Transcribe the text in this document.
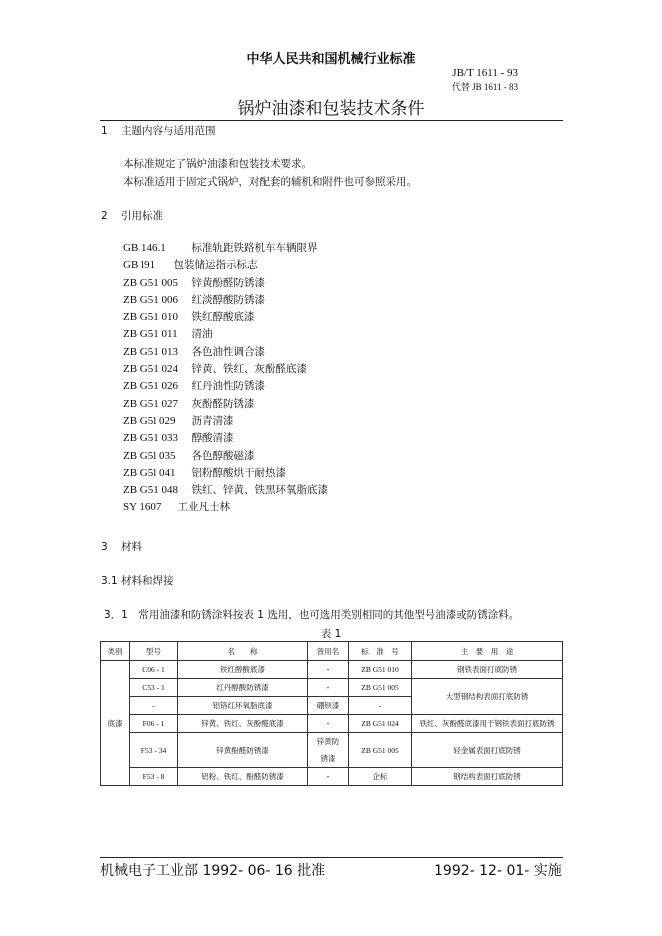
中华人民共和国机械行业标准
JB/T 1611 - 93
代替 JB 1611 - 83
锅炉油漆和包装技术条件
1 主题内容与适用范围
本标准规定了锅炉油漆和包装技术要求。
本标准适用于固定式锅炉，对配套的辅机和附件也可参照采用。
2 引用标准
GB 146.1　 标准轨距铁路机车车辆限界
GB l91　 包装储运指示标志
ZB G51 005　 锌黄酚醛防锈漆
ZB G51 006　 红淡醇酸防锈漆
ZB G51 010　 铁红醇酸底漆
ZB G51 011　 清油
ZB G51 013　 各色油性调合漆
ZB G51 024　 锌黄、铁红、灰酚醛底漆
ZB G51 026　 红丹油性防锈漆
ZB G51 027　 灰酚醛防锈漆
ZB G5l 029　 沥青清漆
ZB G51 033　 醇酸清漆
ZB G5l 035　 各色醇酸磁漆
ZB G5l 041　 铝粉醇酸烘干耐热漆
ZB G51 048　 铁红、锌黄、铁黑环氧脂底漆
SY 1607　 工业凡士林
3 材料
3.1 材料和焊接
3．1　常用油漆和防锈涂料按表 1 选用，也可选用类别相同的其他型号油漆或防锈涂料。
表 1
类别	型号	名　　称	曾用名	标　准　号	主　要　用　途
底漆	C06 - 1	铁红醇酸底漆	-	ZB G51 010	钢铁表面打底防锈
	C53 - 1	红丹醇酸防锈漆	-	ZB G51 005	大型钢结构表面打底防锈
	-	铝铬红环氧脂底漆	硼钡漆	-	
	F06 - 1	锌黄、铁红、灰酚醛底漆	-	ZB G51 024	铁红、灰酚醛底漆用于钢铁表面打底防锈
	F53 - 34	锌黄酚醛防锈漆	锌黄防锈漆	ZB G51 005	轻金属表面打底防锈
	F53 - 8	铝粉、铁红、酚醛防锈漆	-	企标	钢结构表面打底防锈
机械电子工业部 1992- 06- 16 批准	1992- 12- 01- 实施
